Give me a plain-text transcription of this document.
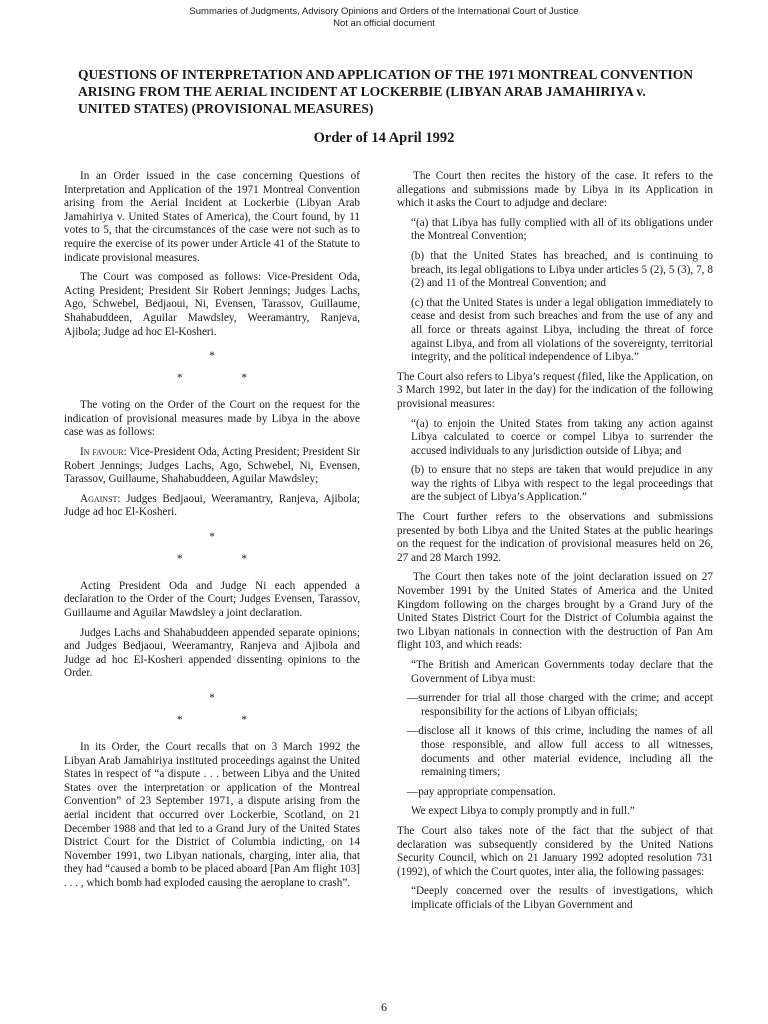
Summaries of Judgments, Advisory Opinions and Orders of the International Court of Justice
Not an official document
QUESTIONS OF INTERPRETATION AND APPLICATION OF THE 1971 MONTREAL CONVENTION ARISING FROM THE AERIAL INCIDENT AT LOCKERBIE (LIBYAN ARAB JAMAHIRIYA v. UNITED STATES) (PROVISIONAL MEASURES)
Order of 14 April 1992

In an Order issued in the case concerning Questions of Interpretation and Application of the 1971 Montreal Convention arising from the Aerial Incident at Lockerbie (Libyan Arab Jamahiriya v. United States of America), the Court found, by 11 votes to 5, that the circumstances of the case were not such as to require the exercise of its power under Article 41 of the Statute to indicate provisional measures.

The Court was composed as follows: Vice-President Oda, Acting President; President Sir Robert Jennings; Judges Lachs, Ago, Schwebel, Bedjaoui, Ni, Evensen, Tarassov, Guillaume, Shahabuddeen, Aguilar Mawdsley, Weeramantry, Ranjeva, Ajibola; Judge ad hoc El-Kosheri.

*
* *

The voting on the Order of the Court on the request for the indication of provisional measures made by Libya in the above case was as follows:

In favour: Vice-President Oda, Acting President; President Sir Robert Jennings; Judges Lachs, Ago, Schwebel, Ni, Evensen, Tarassov, Guillaume, Shahabuddeen, Aguilar Mawdsley;

Against: Judges Bedjaoui, Weeramantry, Ranjeva, Ajibola; Judge ad hoc El-Kosheri.

*
* *

Acting President Oda and Judge Ni each appended a declaration to the Order of the Court; Judges Evensen, Tarassov, Guillaume and Aguilar Mawdsley a joint declaration.

Judges Lachs and Shahabuddeen appended separate opinions; and Judges Bedjaoui, Weeramantry, Ranjeva and Ajibola and Judge ad hoc El-Kosheri appended dissenting opinions to the Order.

*
* *

In its Order, the Court recalls that on 3 March 1992 the Libyan Arab Jamahiriya instituted proceedings against the United States in respect of “a dispute . . . between Libya and the United States over the interpretation or application of the Montreal Convention” of 23 September 1971, a dispute arising from the aerial incident that occurred over Lockerbie, Scotland, on 21 December 1988 and that led to a Grand Jury of the United States District Court for the District of Columbia indicting, on 14 November 1991, two Libyan nationals, charging, inter alia, that they had “caused a bomb to be placed aboard [Pan Am flight 103] . . . , which bomb had exploded causing the aeroplane to crash”.

The Court then recites the history of the case. It refers to the allegations and submissions made by Libya in its Application in which it asks the Court to adjudge and declare:

“(a) that Libya has fully complied with all of its obligations under the Montreal Convention;

(b) that the United States has breached, and is continuing to breach, its legal obligations to Libya under articles 5 (2), 5 (3), 7, 8 (2) and 11 of the Montreal Convention; and

(c) that the United States is under a legal obligation immediately to cease and desist from such breaches and from the use of any and all force or threats against Libya, including the threat of force against Libya, and from all violations of the sovereignty, territorial integrity, and the political independence of Libya.”

The Court also refers to Libya’s request (filed, like the Application, on 3 March 1992, but later in the day) for the indication of the following provisional measures:

“(a) to enjoin the United States from taking any action against Libya calculated to coerce or compel Libya to surrender the accused individuals to any jurisdiction outside of Libya; and

(b) to ensure that no steps are taken that would prejudice in any way the rights of Libya with respect to the legal proceedings that are the subject of Libya’s Application.”

The Court further refers to the observations and submissions presented by both Libya and the United States at the public hearings on the request for the indication of provisional measures held on 26, 27 and 28 March 1992.

The Court then takes note of the joint declaration issued on 27 November 1991 by the United States of America and the United Kingdom following on the charges brought by a Grand Jury of the United States District Court for the District of Columbia against the two Libyan nationals in connection with the destruction of Pan Am flight 103, and which reads:

“The British and American Governments today declare that the Government of Libya must:

—surrender for trial all those charged with the crime; and accept responsibility for the actions of Libyan officials;

—disclose all it knows of this crime, including the names of all those responsible, and allow full access to all witnesses, documents and other material evidence, including all the remaining timers;

—pay appropriate compensation.

We expect Libya to comply promptly and in full.”

The Court also takes note of the fact that the subject of that declaration was subsequently considered by the United Nations Security Council, which on 21 January 1992 adopted resolution 731 (1992), of which the Court quotes, inter alia, the following passages:

“Deeply concerned over the results of investigations, which implicate officials of the Libyan Government and

6
